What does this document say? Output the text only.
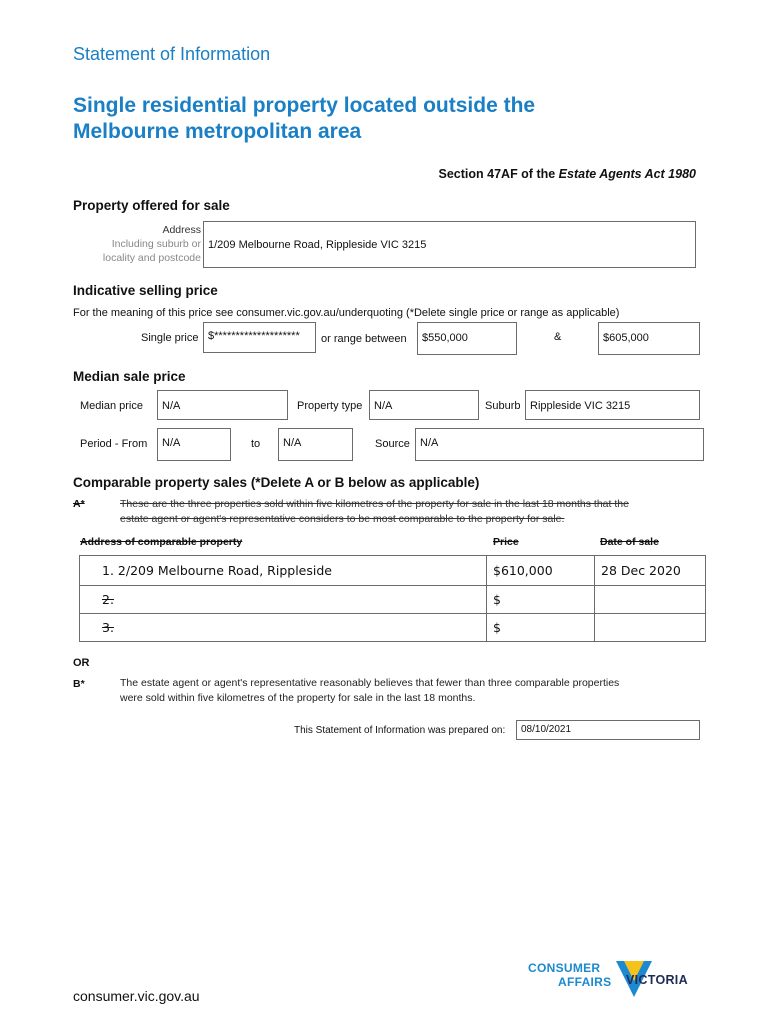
Statement of Information
Single residential property located outside the
Melbourne metropolitan area
Section 47AF of the Estate Agents Act 1980
Property offered for sale
Address
Including suburb or
locality and postcode
1/209 Melbourne Road, Rippleside VIC 3215
Indicative selling price
For the meaning of this price see consumer.vic.gov.au/underquoting (*Delete single price or range as applicable)
Single price $********************	or range between	$550,000	&	$605,000
Median sale price
Median price	N/A	Property type	N/A	Suburb Rippleside VIC 3215
Period - From	N/A	to	N/A	Source N/A
Comparable property sales (*Delete A or B below as applicable)
A*	These are the three properties sold within five kilometres of the property for sale in the last 18 months that the
estate agent or agent's representative considers to be most comparable to the property for sale.
Address of comparable property	Price	Date of sale
1. 2/209 Melbourne Road, Rippleside	$610,000	28 Dec 2020
2.	$	
3.	$	
OR
B*	The estate agent or agent's representative reasonably believes that fewer than three comparable properties
were sold within five kilometres of the property for sale in the last 18 months.
This Statement of Information was prepared on:	08/10/2021
consumer.vic.gov.au
CONSUMER
AFFAIRS VICTORIA
